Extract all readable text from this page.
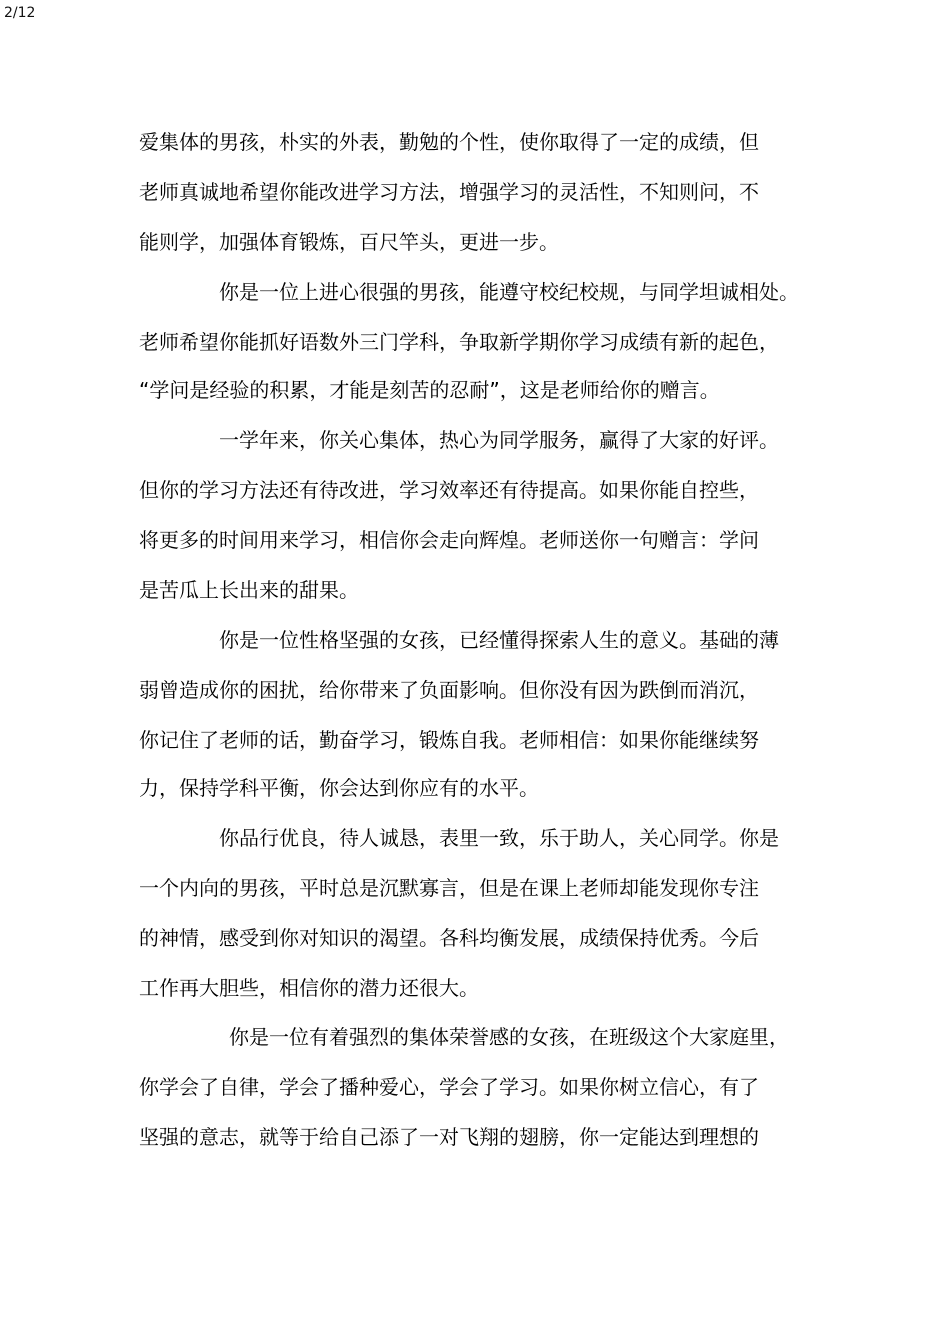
2/12
爱集体的男孩，朴实的外表，勤勉的个性，使你取得了一定的成绩，但
老师真诚地希望你能改进学习方法，增强学习的灵活性，不知则问，不
能则学，加强体育锻炼，百尺竿头，更进一步。
你是一位上进心很强的男孩，能遵守校纪校规，与同学坦诚相处。
老师希望你能抓好语数外三门学科，争取新学期你学习成绩有新的起色，
“学问是经验的积累，才能是刻苦的忍耐”，这是老师给你的赠言。
一学年来，你关心集体，热心为同学服务，赢得了大家的好评。
但你的学习方法还有待改进，学习效率还有待提高。如果你能自控些，
将更多的时间用来学习，相信你会走向辉煌。老师送你一句赠言：学问
是苦瓜上长出来的甜果。
你是一位性格坚强的女孩，已经懂得探索人生的意义。基础的薄
弱曾造成你的困扰，给你带来了负面影响。但你没有因为跌倒而消沉，
你记住了老师的话，勤奋学习，锻炼自我。老师相信：如果你能继续努
力，保持学科平衡，你会达到你应有的水平。
你品行优良，待人诚恳，表里一致，乐于助人，关心同学。你是
一个内向的男孩，平时总是沉默寡言，但是在课上老师却能发现你专注
的神情，感受到你对知识的渴望。各科均衡发展，成绩保持优秀。今后
工作再大胆些，相信你的潜力还很大。
你是一位有着强烈的集体荣誉感的女孩，在班级这个大家庭里，
你学会了自律，学会了播种爱心，学会了学习。如果你树立信心，有了
坚强的意志，就等于给自己添了一对飞翔的翅膀，你一定能达到理想的
